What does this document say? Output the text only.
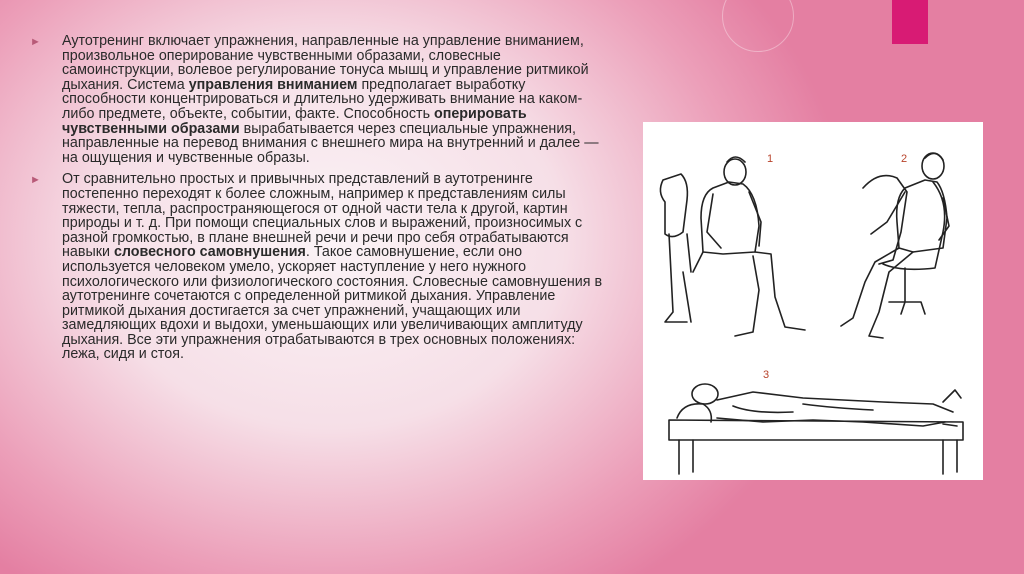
► Аутотренинг включает упражнения, направленные на управление вниманием, произвольное оперирование чувственными образами, словесные самоинструкции, волевое регулирование тонуса мышц и управление ритмикой дыхания. Система управления вниманием предполагает выработку способности концентрироваться и длительно удерживать внимание на каком-либо предмете, объекте, событии, факте. Способность оперировать чувственными образами вырабатывается через специальные упражнения, направленные на перевод внимания с внешнего мира на внутренний и далее — на ощущения и чувственные образы.

► От сравнительно простых и привычных представлений в аутотренинге постепенно переходят к более сложным, например к представлениям силы тяжести, тепла, распространяющегося от одной части тела к другой, картин природы и т. д. При помощи специальных слов и выражений, произносимых с разной громкостью, в плане внешней речи и речи про себя отрабатываются навыки словесного самовнушения. Такое самовнушение, если оно используется человеком умело, ускоряет наступление у него нужного психологического или физиологического состояния. Словесные самовнушения в аутотренинге сочетаются с определенной ритмикой дыхания. Управление ритмикой дыхания достигается за счет упражнений, учащающих или замедляющих вдохи и выдохи, уменьшающих или увеличивающих амплитуду дыхания. Все эти упражнения отрабатываются в трех основных положениях: лежа, сидя и стоя.

1	2
3
